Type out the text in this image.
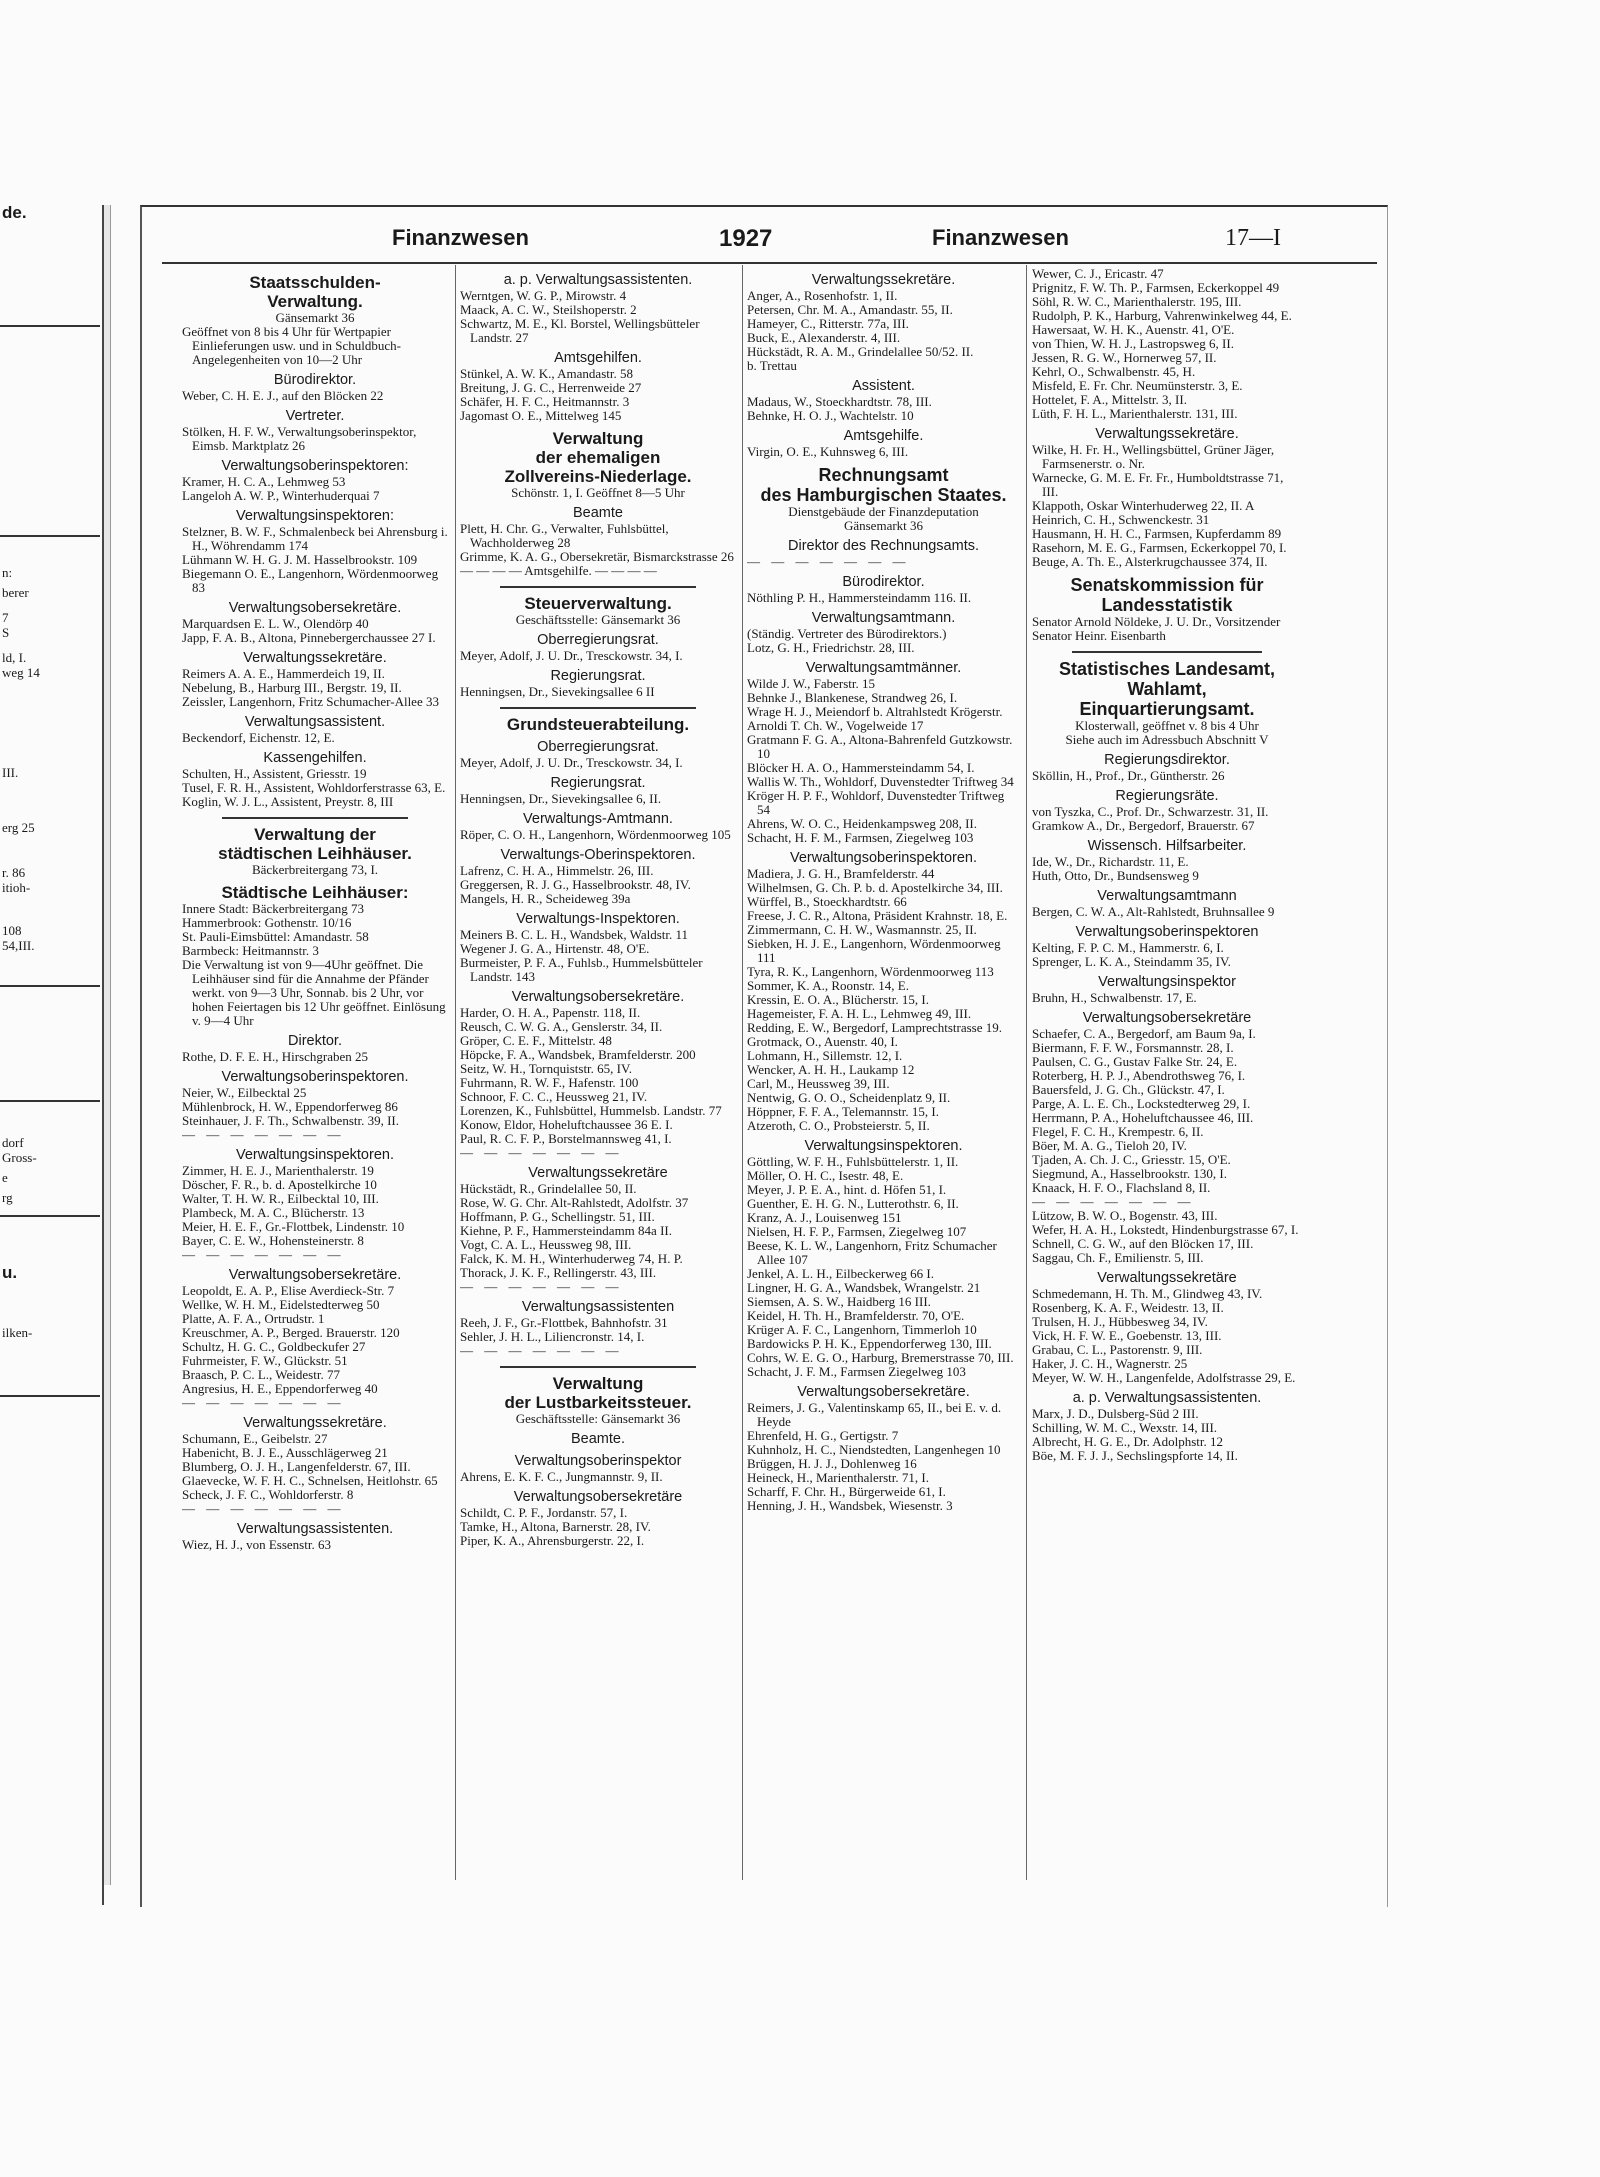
de.
n:
berer
7
S
ld, I.
weg 14
III.
erg 25
r. 86
itioh-
108
54,III.
dorf
Gross-
e
rg
u.
ilken-
Finanzwesen	1927	Finanzwesen	17—I
Staatsschulden-
Verwaltung.
Gänsemarkt 36
Geöffnet von 8 bis 4 Uhr für Wertpapier Einlieferungen usw. und in Schuldbuch-Angelegenheiten von 10—2 Uhr
Bürodirektor.
Weber, C. H. E. J., auf den Blöcken 22
Vertreter.
Stölken, H. F. W., Verwaltungsoberinspektor, Eimsb. Marktplatz 26
Verwaltungsoberinspektoren:
Kramer, H. C. A., Lehmweg 53
Langeloh A. W. P., Winterhuderquai 7
Verwaltungsinspektoren:
Stelzner, B. W. F., Schmalenbeck bei Ahrensburg i. H., Wöhrendamm 174
Lühmann W. H. G. J. M. Hasselbrookstr. 109
Biegemann O. E., Langenhorn, Wördenmoorweg 83
Verwaltungsobersekretäre.
Marquardsen E. L. W., Olendörp 40
Japp, F. A. B., Altona, Pinnebergerchaussee 27 I.
Verwaltungssekretäre.
Reimers A. A. E., Hammerdeich 19, II.
Nebelung, B., Harburg III., Bergstr. 19, II.
Zeissler, Langenhorn, Fritz Schumacher-Allee 33
Verwaltungsassistent.
Beckendorf, Eichenstr. 12, E.
Kassengehilfen.
Schulten, H., Assistent, Griesstr. 19
Tusel, F. R. H., Assistent, Wohldorferstrasse 63, E.
Koglin, W. J. L., Assistent, Preystr. 8, III
Verwaltung der
städtischen Leihhäuser.
Bäckerbreitergang 73, I.
Städtische Leihhäuser:
Innere Stadt: Bäckerbreitergang 73
Hammerbrook: Gothenstr. 10/16
St. Pauli-Eimsbüttel: Amandastr. 58
Barmbeck: Heitmannstr. 3
Die Verwaltung ist von 9—4Uhr geöffnet. Die Leihhäuser sind für die Annahme der Pfänder werkt. von 9—3 Uhr, Sonnab. bis 2 Uhr, vor hohen Feiertagen bis 12 Uhr geöffnet. Einlösung v. 9—4 Uhr
Direktor.
Rothe, D. F. E. H., Hirschgraben 25
Verwaltungsoberinspektoren.
Neier, W., Eilbecktal 25
Mühlenbrock, H. W., Eppendorferweg 86
Steinhauer, J. F. Th., Schwalbenstr. 39, II.
— — — — — — —
Verwaltungsinspektoren.
Zimmer, H. E. J., Marienthalerstr. 19
Döscher, F. R., b. d. Apostelkirche 10
Walter, T. H. W. R., Eilbecktal 10, III.
Plambeck, M. A. C., Blücherstr. 13
Meier, H. E. F., Gr.-Flottbek, Lindenstr. 10
Bayer, C. E. W., Hohensteinerstr. 8
— — — — — — —
Verwaltungsobersekretäre.
Leopoldt, E. A. P., Elise Averdieck-Str. 7
Wellke, W. H. M., Eidelstedterweg 50
Platte, A. F. A., Ortrudstr. 1
Kreuschmer, A. P., Berged. Brauerstr. 120
Schultz, H. G. C., Goldbeckufer 27
Fuhrmeister, F. W., Glückstr. 51
Braasch, P. C. L., Weidestr. 77
Angresius, H. E., Eppendorferweg 40
— — — — — — —
Verwaltungssekretäre.
Schumann, E., Geibelstr. 27
Habenicht, B. J. E., Ausschlägerweg 21
Blumberg, O. J. H., Langenfelderstr. 67, III.
Glaevecke, W. F. H. C., Schnelsen, Heitlohstr. 65
Scheck, J. F. C., Wohldorferstr. 8
— — — — — — —
Verwaltungsassistenten.
Wiez, H. J., von Essenstr. 63
a. p. Verwaltungsassistenten.
Werntgen, W. G. P., Mirowstr. 4
Maack, A. C. W., Steilshoperstr. 2
Schwartz, M. E., Kl. Borstel, Wellingsbütteler Landstr. 27
Amtsgehilfen.
Stünkel, A. W. K., Amandastr. 58
Breitung, J. G. C., Herrenweide 27
Schäfer, H. F. C., Heitmannstr. 3
Jagomast O. E., Mittelweg 145
Verwaltung
der ehemaligen
Zollvereins-Niederlage.
Schönstr. 1, I. Geöffnet 8—5 Uhr
Beamte
Plett, H. Chr. G., Verwalter, Fuhlsbüttel, Wachholderweg 28
Grimme, K. A. G., Obersekretär, Bismarckstrasse 26
— — — — Amtsgehilfe. — — — —
Steuerverwaltung.
Geschäftsstelle: Gänsemarkt 36
Oberregierungsrat.
Meyer, Adolf, J. U. Dr., Tresckowstr. 34, I.
Regierungsrat.
Henningsen, Dr., Sievekingsallee 6 II
Grundsteuerabteilung.
Oberregierungsrat.
Meyer, Adolf, J. U. Dr., Tresckowstr. 34, I.
Regierungsrat.
Henningsen, Dr., Sievekingsallee 6, II.
Verwaltungs-Amtmann.
Röper, C. O. H., Langenhorn, Wördenmoorweg 105
Verwaltungs-Oberinspektoren.
Lafrenz, C. H. A., Himmelstr. 26, III.
Greggersen, R. J. G., Hasselbrookstr. 48, IV.
Mangels, H. R., Scheideweg 39a
Verwaltungs-Inspektoren.
Meiners B. C. L. H., Wandsbek, Waldstr. 11
Wegener J. G. A., Hirtenstr. 48, O'E.
Burmeister, P. F. A., Fuhlsb., Hummelsbütteler Landstr. 143
Verwaltungsobersekretäre.
Harder, O. H. A., Papenstr. 118, II.
Reusch, C. W. G. A., Genslerstr. 34, II.
Gröper, C. E. F., Mittelstr. 48
Höpcke, F. A., Wandsbek, Bramfelderstr. 200
Seitz, W. H., Tornquiststr. 65, IV.
Fuhrmann, R. W. F., Hafenstr. 100
Schnoor, F. C. C., Heussweg 21, IV.
Lorenzen, K., Fuhlsbüttel, Hummelsb. Landstr. 77
Konow, Eldor, Hoheluftchaussee 36 E. I.
Paul, R. C. F. P., Borstelmannsweg 41, I.
— — — — — — —
Verwaltungssekretäre
Hückstädt, R., Grindelallee 50, II.
Rose, W. G. Chr. Alt-Rahlstedt, Adolfstr. 37
Hoffmann, P. G., Schellingstr. 51, III.
Kiehne, P. F., Hammersteindamm 84a II.
Vogt, C. A. L., Heussweg 98, III.
Falck, K. M. H., Winterhuderweg 74, H. P.
Thorack, J. K. F., Rellingerstr. 43, III.
— — — — — — —
Verwaltungsassistenten
Reeh, J. F., Gr.-Flottbek, Bahnhofstr. 31
Sehler, J. H. L., Liliencronstr. 14, I.
— — — — — — —
Verwaltung
der Lustbarkeitssteuer.
Geschäftsstelle: Gänsemarkt 36
Beamte.
Verwaltungsoberinspektor
Ahrens, E. K. F. C., Jungmannstr. 9, II.
Verwaltungsobersekretäre
Schildt, C. P. F., Jordanstr. 57, I.
Tamke, H., Altona, Barnerstr. 28, IV.
Piper, K. A., Ahrensburgerstr. 22, I.
Verwaltungssekretäre.
Anger, A., Rosenhofstr. 1, II.
Petersen, Chr. M. A., Amandastr. 55, II.
Hameyer, C., Ritterstr. 77a, III.
Buck, E., Alexanderstr. 4, III.
Hückstädt, R. A. M., Grindelallee 50/52. II.
b. Trettau
Assistent.
Madaus, W., Stoeckhardtstr. 78, III.
Behnke, H. O. J., Wachtelstr. 10
Amtsgehilfe.
Virgin, O. E., Kuhnsweg 6, III.
Rechnungsamt
des Hamburgischen Staates.
Dienstgebäude der Finanzdeputation
Gänsemarkt 36
Direktor des Rechnungsamts.
— — — — — — —
Bürodirektor.
Nöthling P. H., Hammersteindamm 116. II.
Verwaltungsamtmann.
(Ständig. Vertreter des Bürodirektors.)
Lotz, G. H., Friedrichstr. 28, III.
Verwaltungsamtmänner.
Wilde J. W., Faberstr. 15
Behnke J., Blankenese, Strandweg 26, I.
Wrage H. J., Meiendorf b. Altrahlstedt Krögerstr.
Arnoldi T. Ch. W., Vogelweide 17
Gratmann F. G. A., Altona-Bahrenfeld Gutzkowstr. 10
Blöcker H. A. O., Hammersteindamm 54, I.
Wallis W. Th., Wohldorf, Duvenstedter Triftweg 34
Kröger H. P. F., Wohldorf, Duvenstedter Triftweg 54
Ahrens, W. O. C., Heidenkampsweg 208, II.
Schacht, H. F. M., Farmsen, Ziegelweg 103
Verwaltungsoberinspektoren.
Madiera, J. G. H., Bramfelderstr. 44
Wilhelmsen, G. Ch. P. b. d. Apostelkirche 34, III.
Würffel, B., Stoeckhardtstr. 66
Freese, J. C. R., Altona, Präsident Krahnstr. 18, E.
Zimmermann, C. H. W., Wasmannstr. 25, II.
Siebken, H. J. E., Langenhorn, Wördenmoorweg 111
Tyra, R. K., Langenhorn, Wördenmoorweg 113
Sommer, K. A., Roonstr. 14, E.
Kressin, E. O. A., Blücherstr. 15, I.
Hagemeister, F. A. H. L., Lehmweg 49, III.
Redding, E. W., Bergedorf, Lamprechtstrasse 19.
Grotmack, O., Auenstr. 40, I.
Lohmann, H., Sillemstr. 12, I.
Wencker, A. H. H., Laukamp 12
Carl, M., Heussweg 39, III.
Nentwig, G. O. O., Scheidenplatz 9, II.
Höppner, F. F. A., Telemannstr. 15, I.
Atzeroth, C. O., Probsteierstr. 5, II.
Verwaltungsinspektoren.
Göttling, W. F. H., Fuhlsbüttelerstr. 1, II.
Möller, O. H. C., Isestr. 48, E.
Meyer, J. P. E. A., hint. d. Höfen 51, I.
Guenther, E. H. G. N., Lutterothstr. 6, II.
Kranz, A. J., Louisenweg 151
Nielsen, H. F. P., Farmsen, Ziegelweg 107
Beese, K. L. W., Langenhorn, Fritz Schumacher Allee 107
Jenkel, A. L. H., Eilbeckerweg 66 I.
Lingner, H. G. A., Wandsbek, Wrangelstr. 21
Siemsen, A. S. W., Haidberg 16 III.
Keidel, H. Th. H., Bramfelderstr. 70, O'E.
Krüger A. F. C., Langenhorn, Timmerloh 10
Bardowicks P. H. K., Eppendorferweg 130, III.
Cohrs, W. E. G. O., Harburg, Bremerstrasse 70, III.
Schacht, J. F. M., Farmsen Ziegelweg 103
Verwaltungsobersekretäre.
Reimers, J. G., Valentinskamp 65, II., bei E. v. d. Heyde
Ehrenfeld, H. G., Gertigstr. 7
Kuhnholz, H. C., Niendstedten, Langenhegen 10
Brüggen, H. J. J., Dohlenweg 16
Heineck, H., Marienthalerstr. 71, I.
Scharff, F. Chr. H., Bürgerweide 61, I.
Henning, J. H., Wandsbek, Wiesenstr. 3
Wewer, C. J., Ericastr. 47
Prignitz, F. W. Th. P., Farmsen, Eckerkoppel 49
Söhl, R. W. C., Marienthalerstr. 195, III.
Rudolph, P. K., Harburg, Vahrenwinkelweg 44, E.
Hawersaat, W. H. K., Auenstr. 41, O'E.
von Thien, W. H. J., Lastropsweg 6, II.
Jessen, R. G. W., Hornerweg 57, II.
Kehrl, O., Schwalbenstr. 45, H.
Misfeld, E. Fr. Chr. Neumünsterstr. 3, E.
Hottelet, F. A., Mittelstr. 3, II.
Lüth, F. H. L., Marienthalerstr. 131, III.
Verwaltungssekretäre.
Wilke, H. Fr. H., Wellingsbüttel, Grüner Jäger, Farmsenerstr. o. Nr.
Warnecke, G. M. E. Fr. Fr., Humboldtstrasse 71, III.
Klappoth, Oskar Winterhuderweg 22, II. A
Heinrich, C. H., Schwenckestr. 31
Hausmann, H. H. C., Farmsen, Kupferdamm 89
Rasehorn, M. E. G., Farmsen, Eckerkoppel 70, I.
Beuge, A. Th. E., Alsterkrugchaussee 374, II.
Senatskommission für
Landesstatistik
Senator Arnold Nöldeke, J. U. Dr., Vorsitzender
Senator Heinr. Eisenbarth
Statistisches Landesamt,
Wahlamt,
Einquartierungsamt.
Klosterwall, geöffnet v. 8 bis 4 Uhr
Siehe auch im Adressbuch Abschnitt V
Regierungsdirektor.
Sköllin, H., Prof., Dr., Güntherstr. 26
Regierungsräte.
von Tyszka, C., Prof. Dr., Schwarzestr. 31, II.
Gramkow A., Dr., Bergedorf, Brauerstr. 67
Wissensch. Hilfsarbeiter.
Ide, W., Dr., Richardstr. 11, E.
Huth, Otto, Dr., Bundsensweg 9
Verwaltungsamtmann
Bergen, C. W. A., Alt-Rahlstedt, Bruhnsallee 9
Verwaltungsoberinspektoren
Kelting, F. P. C. M., Hammerstr. 6, I.
Sprenger, L. K. A., Steindamm 35, IV.
Verwaltungsinspektor
Bruhn, H., Schwalbenstr. 17, E.
Verwaltungsobersekretäre
Schaefer, C. A., Bergedorf, am Baum 9a, I.
Biermann, F. F. W., Forsmannstr. 28, I.
Paulsen, C. G., Gustav Falke Str. 24, E.
Roterberg, H. P. J., Abendrothsweg 76, I.
Bauersfeld, J. G. Ch., Glückstr. 47, I.
Parge, A. L. E. Ch., Lockstedterweg 29, I.
Herrmann, P. A., Hoheluftchaussee 46, III.
Flegel, F. C. H., Krempestr. 6, II.
Böer, M. A. G., Tieloh 20, IV.
Tjaden, A. Ch. J. C., Griesstr. 15, O'E.
Siegmund, A., Hasselbrookstr. 130, I.
Knaack, H. F. O., Flachsland 8, II.
— — — — — — —
Lützow, B. W. O., Bogenstr. 43, III.
Wefer, H. A. H., Lokstedt, Hindenburgstrasse 67, I.
Schnell, C. G. W., auf den Blöcken 17, III.
Saggau, Ch. F., Emilienstr. 5, III.
Verwaltungssekretäre
Schmedemann, H. Th. M., Glindweg 43, IV.
Rosenberg, K. A. F., Weidestr. 13, II.
Trulsen, H. J., Hübbesweg 34, IV.
Vick, H. F. W. E., Goebenstr. 13, III.
Grabau, C. L., Pastorenstr. 9, III.
Haker, J. C. H., Wagnerstr. 25
Meyer, W. W. H., Langenfelde, Adolfstrasse 29, E.
a. p. Verwaltungsassistenten.
Marx, J. D., Dulsberg-Süd 2 III.
Schilling, W. M. C., Wexstr. 14, III.
Albrecht, H. G. E., Dr. Adolphstr. 12
Böe, M. F. J. J., Sechslingspforte 14, II.
